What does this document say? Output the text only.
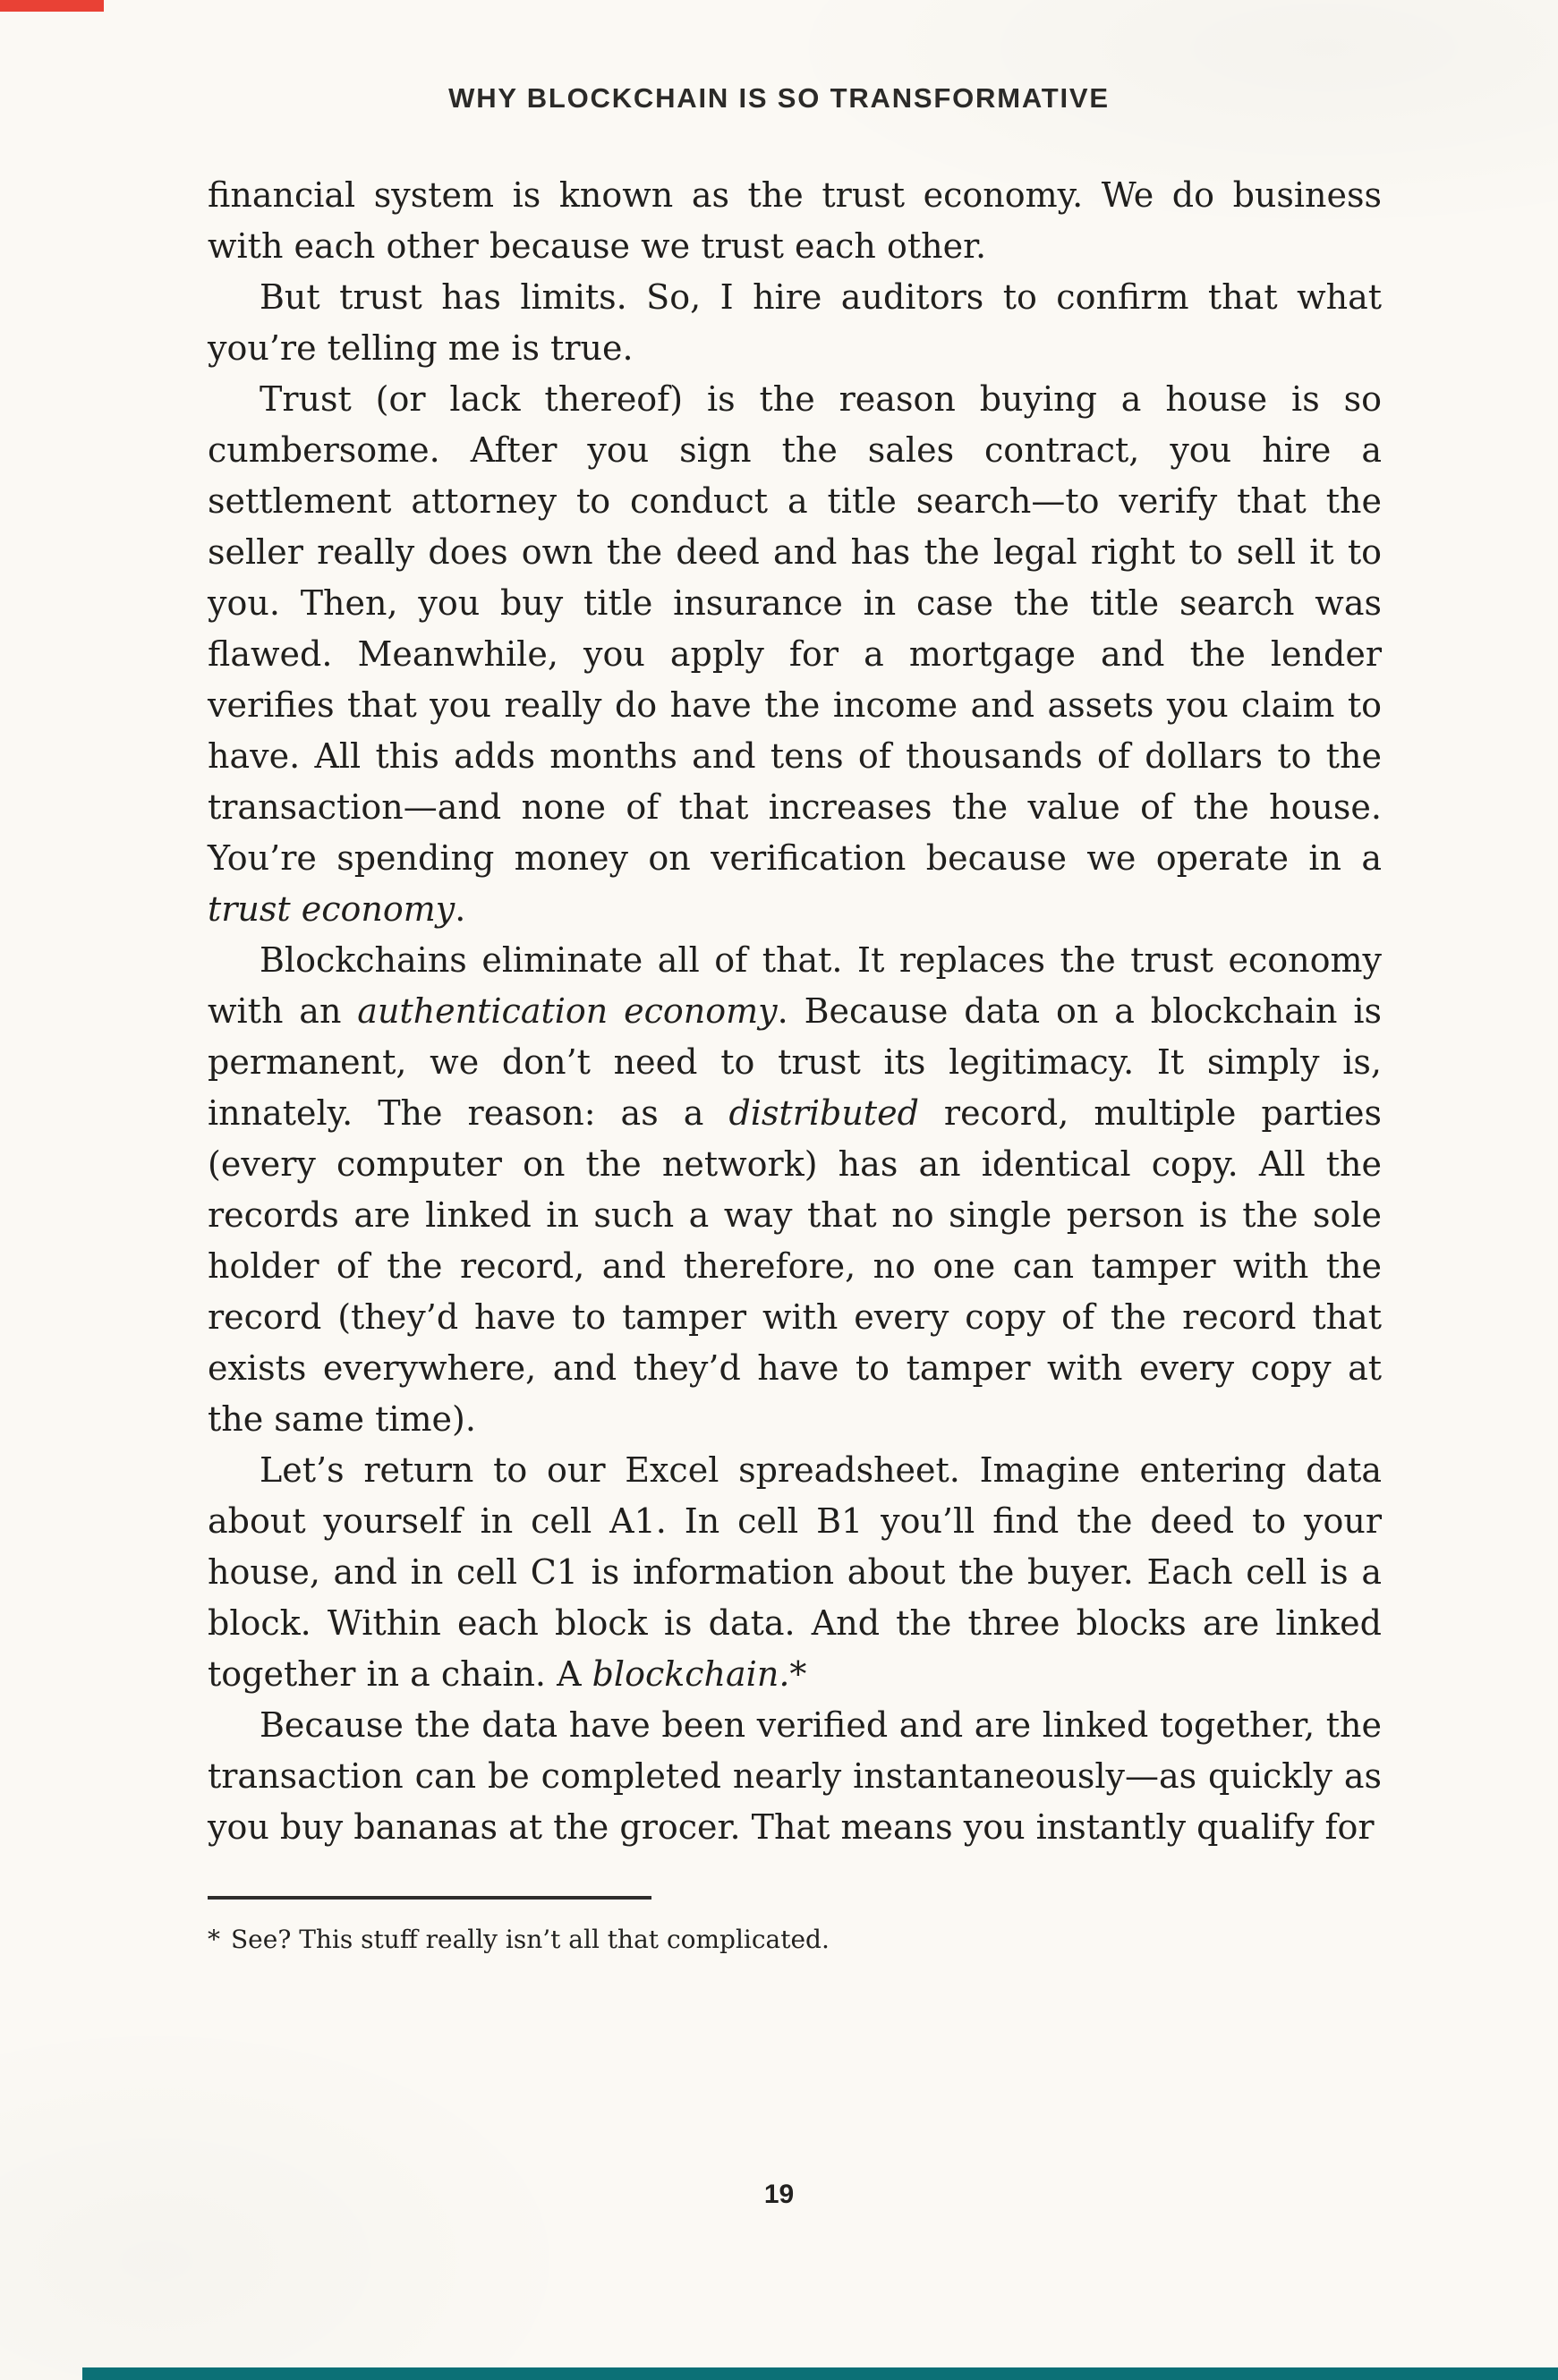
WHY BLOCKCHAIN IS SO TRANSFORMATIVE

financial system is known as the trust economy. We do business with each other because we trust each other.

But trust has limits. So, I hire auditors to confirm that what you’re telling me is true.

Trust (or lack thereof) is the reason buying a house is so cumbersome. After you sign the sales contract, you hire a settlement attorney to conduct a title search—to verify that the seller really does own the deed and has the legal right to sell it to you. Then, you buy title insurance in case the title search was flawed. Meanwhile, you apply for a mortgage and the lender verifies that you really do have the income and assets you claim to have. All this adds months and tens of thousands of dollars to the transaction—and none of that increases the value of the house. You’re spending money on verification because we operate in a trust economy.

Blockchains eliminate all of that. It replaces the trust economy with an authentication economy. Because data on a blockchain is permanent, we don’t need to trust its legitimacy. It simply is, innately. The reason: as a distributed record, multiple parties (every computer on the network) has an identical copy. All the records are linked in such a way that no single person is the sole holder of the record, and therefore, no one can tamper with the record (they’d have to tamper with every copy of the record that exists everywhere, and they’d have to tamper with every copy at the same time).

Let’s return to our Excel spreadsheet. Imagine entering data about yourself in cell A1. In cell B1 you’ll find the deed to your house, and in cell C1 is information about the buyer. Each cell is a block. Within each block is data. And the three blocks are linked together in a chain. A blockchain.*

Because the data have been verified and are linked together, the transaction can be completed nearly instantaneously—as quickly as you buy bananas at the grocer. That means you instantly qualify for

* See? This stuff really isn’t all that complicated.
19
